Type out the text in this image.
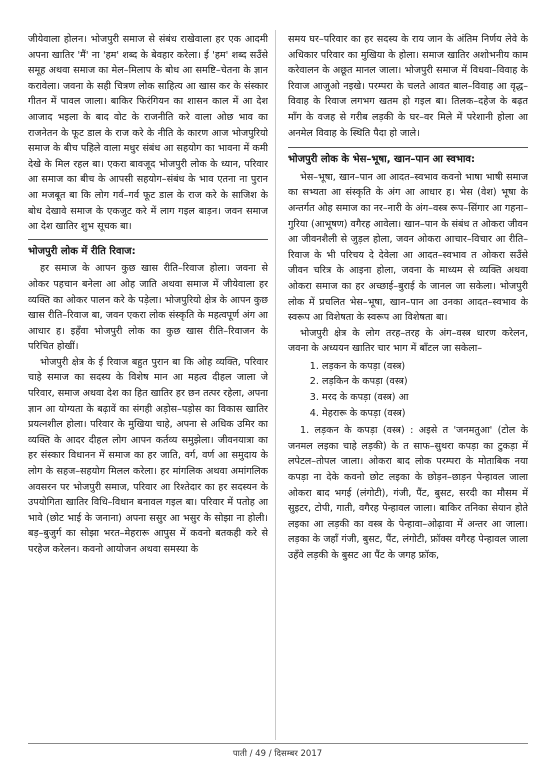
जीयेवाला होलन। भोजपुरी समाज से संबंध राखेवाला हर एक आदमी अपना खातिर 'मैं' ना 'हम' शब्द के बेवहार करेला। ई 'हम' शब्द सउँसे समूह अथवा समाज का मेल–मिलाप के बोध आ समष्टि–चेतना के ज्ञान करावेला। जवना के सही चित्रण लोक साहित्य आ खास कर के संस्कार गीतन में पावल जाला। बाकिर फिरंगियन का शासन काल में आ देश आजाद भइला के बाद वोट के राजनीति करे वाला ओछ भाव का राजनेतन के फूट डाल के राज करे के नीति के कारण आज भोजपुरियो समाज के बीच पहिले वाला मधुर संबंध आ सहयोग का भावना में कमी देखे के मिल रहल बा। एकरा बावजूद भोजपुरी लोक के ध्यान, परिवार आ समाज का बीच के आपसी सहयोग–संबंध के भाव एतना ना पुरान आ मजबूत बा कि लोग गर्व–गर्व फूट डाल के राज करे के साजिश के बोध देखावे समाज के एकजुट करे में लाग गइल बाड़न। जवन समाज आ देश खातिर शुभ सूचक बा।

भोजपुरी लोक में रीति रिवाज:

हर समाज के आपन कुछ खास रीति–रिवाज होला। जवना से ओकर पहचान बनेला आ ओह जाति अथवा समाज में जीयेवाला हर व्यक्ति का ओकर पालन करे के पड़ेला। भोजपुरियो क्षेत्र के आपन कुछ खास रीति–रिवाज बा, जवन एकरा लोक संस्कृति के महत्वपूर्ण अंग आ आधार ह। इहँवा भोजपुरी लोक का कुछ खास रीति–रिवाजन के परिचित होखीं।

भोजपुरी क्षेत्र के ई रिवाज बहुत पुरान बा कि ओह व्यक्ति, परिवार चाहे समाज का सदस्य के विशेष मान आ महत्व दीहल जाला जे परिवार, समाज अथवा देश का हित खातिर हर छन तत्पर रहेला, अपना ज्ञान आ योग्यता के बढ़ावें का संगही अड़ोस–पड़ोस का विकास खातिर प्रयत्नशील होला। परिवार के मुखिया चाहे, अपना से अधिक उमिर का व्यक्ति के आदर दीहल लोग आपन कर्तव्य समुझेला। जीवनयात्रा का हर संस्कार विधानन में समाज का हर जाति, वर्ग, वर्ण आ समुदाय के लोग के सहज–सहयोग मिलल करेला। हर मांगलिक अथवा अमांगलिक अवसरन पर भोजपुरी समाज, परिवार आ रिश्तेदार का हर सदस्यन के उपयोगिता खातिर विधि–विधान बनावल गइल बा। परिवार में पतोह आ भावे (छोट भाई के जनाना) अपना ससुर आ भसुर के सोझा ना होली। बड़–बुजुर्ग का सोझा भरत–मेहरारू आपुस में कवनो बतकही करे से परहेज करेलन। कवनो आयोजन अथवा समस्या के

समय घर–परिवार का हर सदस्य के राय जान के अंतिम निर्णय लेवे के अधिकार परिवार का मुखिया के होला। समाज खातिर अशोभनीय काम करेवालन के अछूत मानल जाला। भोजपुरी समाज में विधवा–विवाह के रिवाज आजुओ नइखे। परम्परा के चलते आवत बाल–विवाह आ वृद्ध–विवाह के रिवाज लगभग खतम हो गइल बा। तिलक–दहेज के बढ़त माँग के वजह से गरीब लड़की के घर–वर मिले में परेशानी होला आ अनमेल विवाह के स्थिति पैदा हो जाले।

भोजपुरी लोक के भेस–भूषा, खान–पान आ स्वभाव:

भेस–भूषा, खान–पान आ आदत–स्वभाव कवनो भाषा भाषी समाज का सभ्यता आ संस्कृति के अंग आ आधार ह। भेस (वेश) भूषा के अन्तर्गत ओह समाज का नर–नारी के अंग–वस्त्र रूप–सिंगार आ गहना–गुरिया (आभूषण) वगैरह आवेला। खान–पान के संबंध त ओकरा जीवन आ जीवनशैली से जुड़ल होला, जवन ओकरा आचार–विचार आ रीति–रिवाज के भी परिचय दे देवेला आ आदत–स्वभाव त ओकरा सउँसे जीवन चरित्र के आइना होला, जवना के माध्यम से व्यक्ति अथवा ओकरा समाज का हर अच्छाई–बुराई के जानल जा सकेला। भोजपुरी लोक में प्रचलित भेस–भूषा, खान–पान आ उनका आदत–स्वभाव के स्वरूप आ विशेषता के स्वरूप आ विशेषता बा।

भोजपुरी क्षेत्र के लोग तरह–तरह के अंग–वस्त्र धारण करेलन, जवना के अध्ययन खातिर चार भाग में बाँटल जा सकेला–

1. लड़कन के कपड़ा (वस्त्र)
2. लड़किन के कपड़ा (वस्त्र)
3. मरद के कपड़ा (वस्त्र) आ
4. मेहरारू के कपड़ा (वस्त्र)

1. लड़कन के कपड़ा (वस्त्र) : अइसे त 'जनमतुआ' (टोल के जनमल लइका चाहे लड़की) के त साफ–सुथरा कपड़ा का टुकड़ा में लपेटल–तोपल जाला। ओकरा बाद लोक परम्परा के मोताबिक नया कपड़ा ना देके कवनो छोट लइका के छोड़न–छाड़न पेन्हावल जाला ओकरा बाद भगई (लंगोटी), गंजी, पैंट, बुसट, सरदी का मौसम में सुइटर, टोपी, गाती, वगैरह पेन्हावल जाला। बाकिर तनिका सेयान होते लइका आ लड़की का वस्त्र के पेन्हावा–ओढ़ावा में अन्तर आ जाला। लड़का के जहाँ गंजी, बुसट, पैंट, लंगोटी, फ्रॉक्स वगैरह पेन्हावल जाला उहँवे लड़की के बुसट आ पैंट के जगह फ्रॉक,

पाती / 49 / दिसम्बर 2017
